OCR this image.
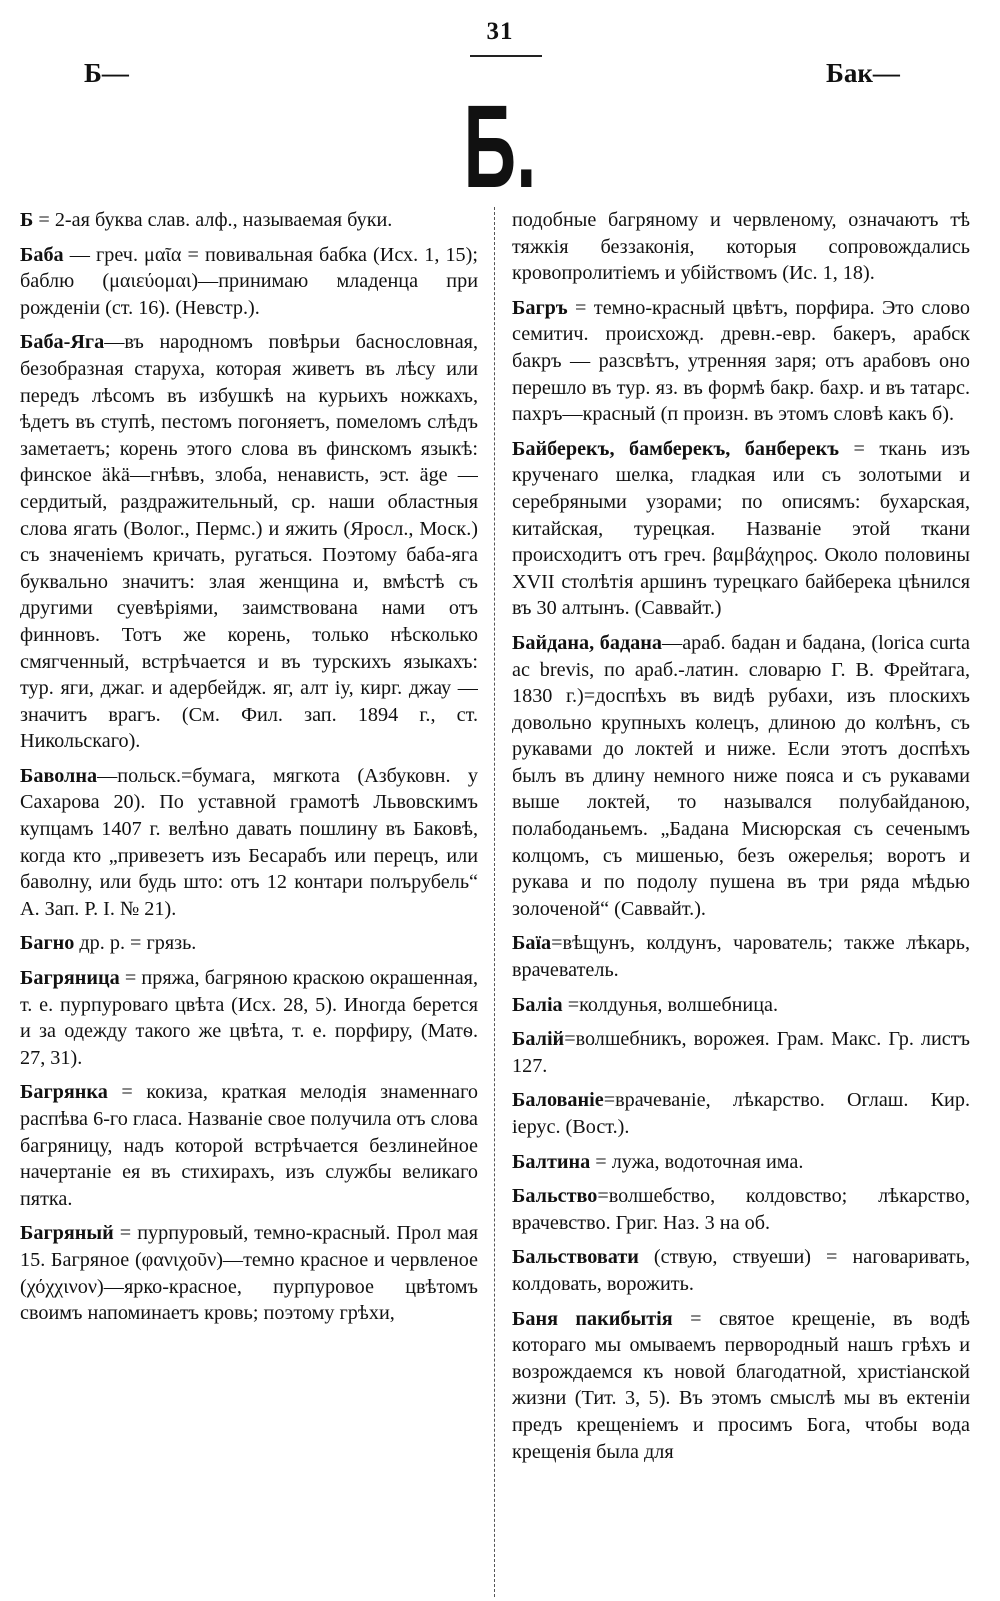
31
Б—	Бак—
Б.

Б = 2-ая буква слав. алф., называемая буки.

Баба — греч. μαῖα = повивальная бабка (Исх. 1, 15); баблю (μαιεύομαι)—принимаю младенца при рожденіи (ст. 16). (Невстр.).

Баба-Яга—въ народномъ повѣрьи баснословная, безобразная старуха, которая живетъ въ лѣсу или передъ лѣсомъ въ избушкѣ на курьихъ ножкахъ, ѣдетъ въ ступѣ, пестомъ погоняетъ, помеломъ слѣдъ заметаетъ; корень этого слова въ финскомъ языкѣ: финское äkä—гнѣвъ, злоба, ненависть, эст. äge — сердитый, раздражительный, ср. наши областныя слова ягать (Волог., Пермс.) и яжить (Яросл., Моск.) съ значеніемъ кричать, ругаться. Поэтому баба-яга буквально значитъ: злая женщина и, вмѣстѣ съ другими суевѣріями, заимствована нами отъ финновъ. Тотъ же корень, только нѣсколько смягченный, встрѣчается и въ турскихъ языкахъ: тур. яги, джаг. и адербейдж. яг, алт iу, кирг. джау —значитъ врагъ. (См. Фил. зап. 1894 г., ст. Никольскаго).

Баволна—польск.=бумага, мягкота (Азбуковн. у Сахарова 20). По уставной грамотѣ Львовскимъ купцамъ 1407 г. велѣно давать пошлину въ Баковѣ, когда кто „привезетъ изъ Бесарабъ или перецъ, или баволну, или будь што: отъ 12 контари полърубель“ А. Зап. Р. I. № 21).

Багно др. р. = грязь.

Багряница = пряжа, багряною краскою окрашенная, т. е. пурпуроваго цвѣта (Исх. 28, 5). Иногда берется и за одежду такого же цвѣта, т. е. порфиру, (Матѳ. 27, 31).

Багрянка = кокиза, краткая мелодія знаменнаго распѣва 6-го гласа. Названіе свое получила отъ слова багряницу, надъ которой встрѣчается безлинейное начертаніе ея въ стихирахъ, изъ службы великаго пятка.

Багряный = пурпуровый, темно-красный. Прол мая 15. Багряное (φανιχοῦν)—темно красное и червленое (χόχχινον)—ярко-красное, пурпуровое цвѣтомъ своимъ напоминаетъ кровь; поэтому грѣхи,

подобные багряному и червленому, означаютъ тѣ тяжкія беззаконія, которыя сопровождались кровопролитіемъ и убійствомъ (Ис. 1, 18).

Багръ = темно-красный цвѣтъ, порфира. Это слово семитич. происхожд. древн.-евр. бакеръ, арабск бакръ — разсвѣтъ, утренняя заря; отъ арабовъ оно перешло въ тур. яз. въ формѣ бакр. бахр. и въ татарс. пахръ—красный (п произн. въ этомъ словѣ какъ б).

Байберекъ, бамберекъ, банберекъ = ткань изъ крученаго шелка, гладкая или съ золотыми и серебряными узорами; по описямъ: бухарская, китайская, турецкая. Названіе этой ткани происходитъ отъ греч. βαμβάχηρος. Около половины XVII столѣтія аршинъ турецкаго байберека цѣнился въ 30 алтынъ. (Саввайт.)

Байдана, бадана—араб. бадан и бадана, (lorica curta ac brevis, по араб.-латин. словарю Г. В. Фрейтага, 1830 г.)=доспѣхъ въ видѣ рубахи, изъ плоскихъ довольно крупныхъ колецъ, длиною до колѣнъ, съ рукавами до локтей и ниже. Если этотъ доспѣхъ былъ въ длину немного ниже пояса и съ рукавами выше локтей, то назывался полубайданою, полабоданьемъ. „Бадана Мисюрская съ сеченымъ колцомъ, съ мишенью, безъ ожерелья; воротъ и рукава и по подолу пушена въ три ряда мѣдью золоченой“ (Саввайт.).

Баїа=вѣщунъ, колдунъ, чарователь; также лѣкарь, врачеватель.

Баліа =колдунья, волшебница.

Балій=волшебникъ, ворожея. Грам. Макс. Гр. листъ 127.

Балованіе=врачеваніе, лѣкарство. Оглаш. Кир. іерус. (Вост.).

Балтина = лужа, водоточная има.

Бальство=волшебство, колдовство; лѣкарство, врачевство. Григ. Наз. 3 на об.

Бальствовати (ствую, ствуеши) = наговаривать, колдовать, ворожить.

Баня пакибытія = святое крещеніе, въ водѣ котораго мы омываемъ первородный нашъ грѣхъ и возрождаемся къ новой благодатной, христіанской жизни (Тит. 3, 5). Въ этомъ смыслѣ мы въ ектеніи предъ крещеніемъ и просимъ Бога, чтобы вода крещенія была для
